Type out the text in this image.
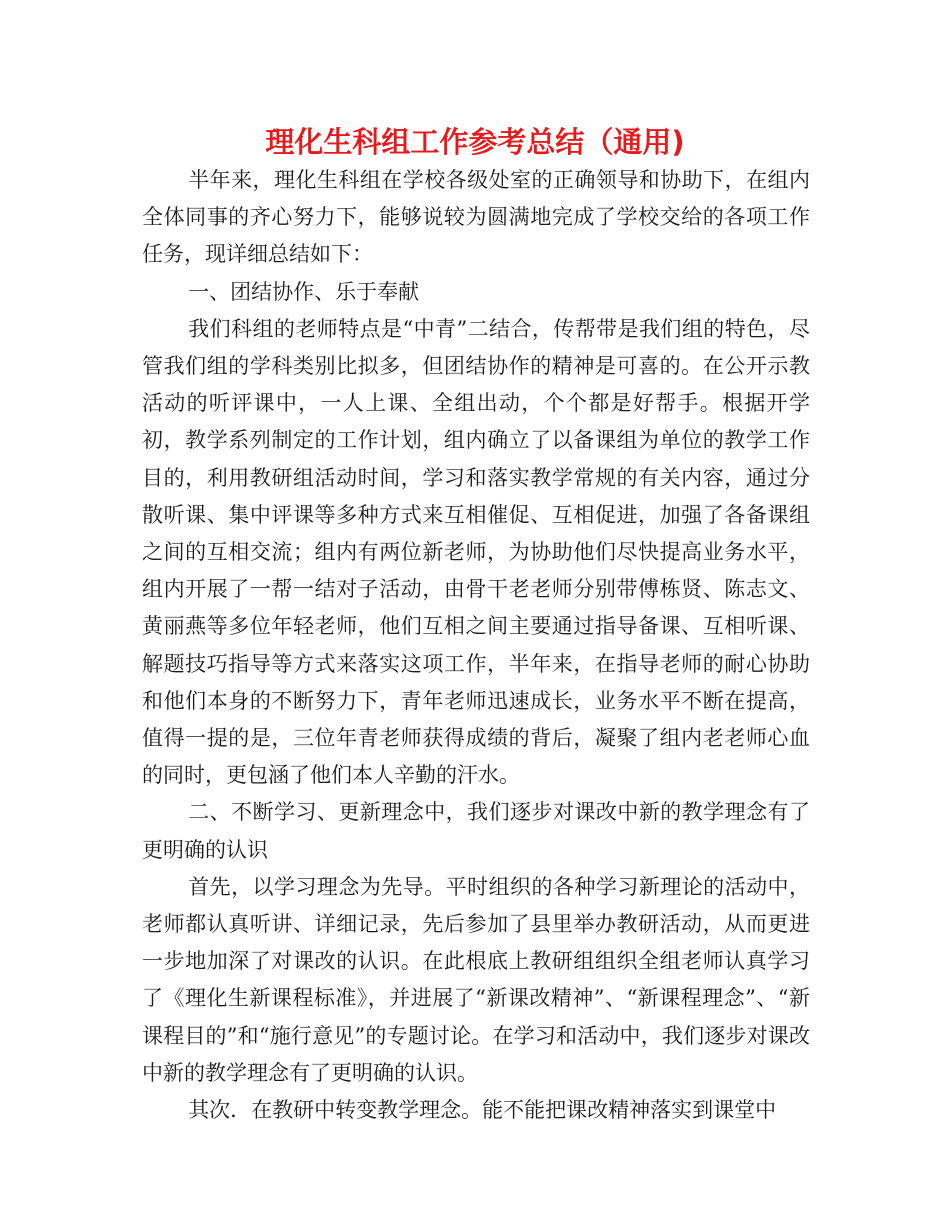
理化生科组工作参考总结（通用)

半年来，理化生科组在学校各级处室的正确领导和协助下，在组内全体同事的齐心努力下，能够说较为圆满地完成了学校交给的各项工作任务，现详细总结如下：

一、团结协作、乐于奉献

我们科组的老师特点是“中青”二结合，传帮带是我们组的特色，尽管我们组的学科类别比拟多，但团结协作的精神是可喜的。在公开示教活动的听评课中，一人上课、全组出动，个个都是好帮手。根据开学初，教学系列制定的工作计划，组内确立了以备课组为单位的教学工作目的，利用教研组活动时间，学习和落实教学常规的有关内容，通过分散听课、集中评课等多种方式来互相催促、互相促进，加强了各备课组之间的互相交流；组内有两位新老师，为协助他们尽快提高业务水平，组内开展了一帮一结对子活动，由骨干老老师分别带傅栋贤、陈志文、黄丽燕等多位年轻老师，他们互相之间主要通过指导备课、互相听课、解题技巧指导等方式来落实这项工作，半年来，在指导老师的耐心协助和他们本身的不断努力下，青年老师迅速成长，业务水平不断在提高，值得一提的是，三位年青老师获得成绩的背后，凝聚了组内老老师心血的同时，更包涵了他们本人辛勤的汗水。

二、不断学习、更新理念中，我们逐步对课改中新的教学理念有了更明确的认识

首先，以学习理念为先导。平时组织的各种学习新理论的活动中，老师都认真听讲、详细记录，先后参加了县里举办教研活动，从而更进一步地加深了对课改的认识。在此根底上教研组组织全组老师认真学习了《理化生新课程标准》，并进展了“新课改精神”、“新课程理念”、“新课程目的”和“施行意见”的专题讨论。在学习和活动中，我们逐步对课改中新的教学理念有了更明确的认识。

其次．在教研中转变教学理念。能不能把课改精神落实到课堂中
